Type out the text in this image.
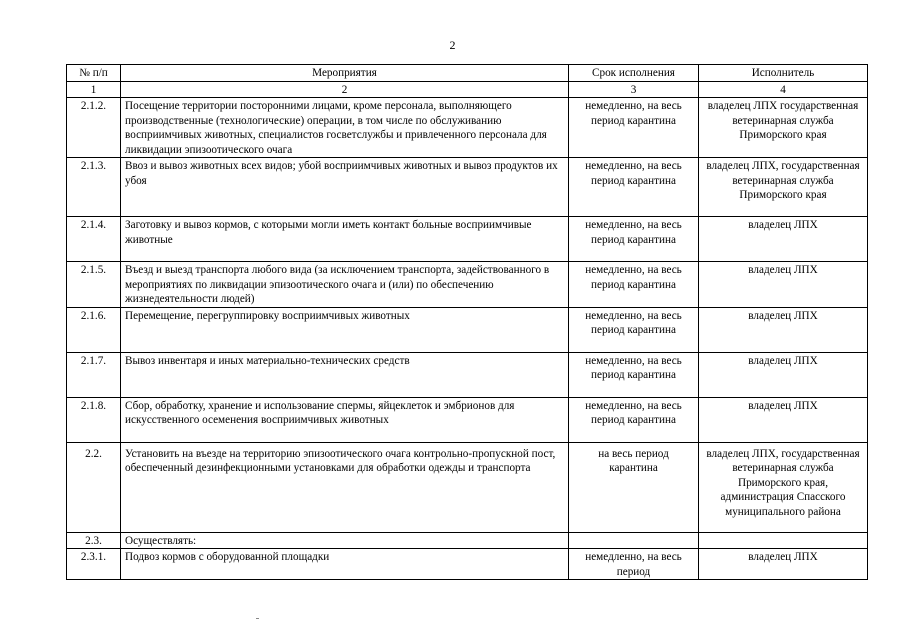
2
№ п/п	Мероприятия	Срок исполнения	Исполнитель
1	2	3	4
2.1.2.	Посещение территории посторонними лицами, кроме персонала, выполняющего производственные (технологические) операции, в том числе по обслуживанию восприимчивых животных, специалистов госветслужбы и привлеченного персонала для ликвидации эпизоотического очага	немедленно, на весь период карантина	владелец ЛПХ государственная ветеринарная служба Приморского края
2.1.3.	Ввоз и вывоз животных всех видов; убой восприимчивых животных и вывоз продуктов их убоя	немедленно, на весь период карантина	владелец ЛПХ, государственная ветеринарная служба Приморского края
2.1.4.	Заготовку и вывоз кормов, с которыми могли иметь контакт больные восприимчивые животные	немедленно, на весь период карантина	владелец ЛПХ
2.1.5.	Въезд и выезд транспорта любого вида (за исключением транспорта, задействованного в мероприятиях по ликвидации эпизоотического очага и (или) по обеспечению жизнедеятельности людей)	немедленно, на весь период карантина	владелец ЛПХ
2.1.6.	Перемещение, перегруппировку восприимчивых животных	немедленно, на весь период карантина	владелец ЛПХ
2.1.7.	Вывоз инвентаря и иных материально-технических средств	немедленно, на весь период карантина	владелец ЛПХ
2.1.8.	Сбор, обработку, хранение и использование спермы, яйцеклеток и эмбрионов для искусственного осеменения восприимчивых животных	немедленно, на весь период карантина	владелец ЛПХ
2.2.	Установить на въезде на территорию эпизоотического очага контрольно-пропускной пост, обеспеченный дезинфекционными установками для обработки одежды и транспорта	на весь период карантина	владелец ЛПХ, государственная ветеринарная служба Приморского края, администрация Спасского муниципального района
2.3.	Осуществлять:		
2.3.1.	Подвоз кормов с оборудованной площадки	немедленно, на весь период	владелец ЛПХ
